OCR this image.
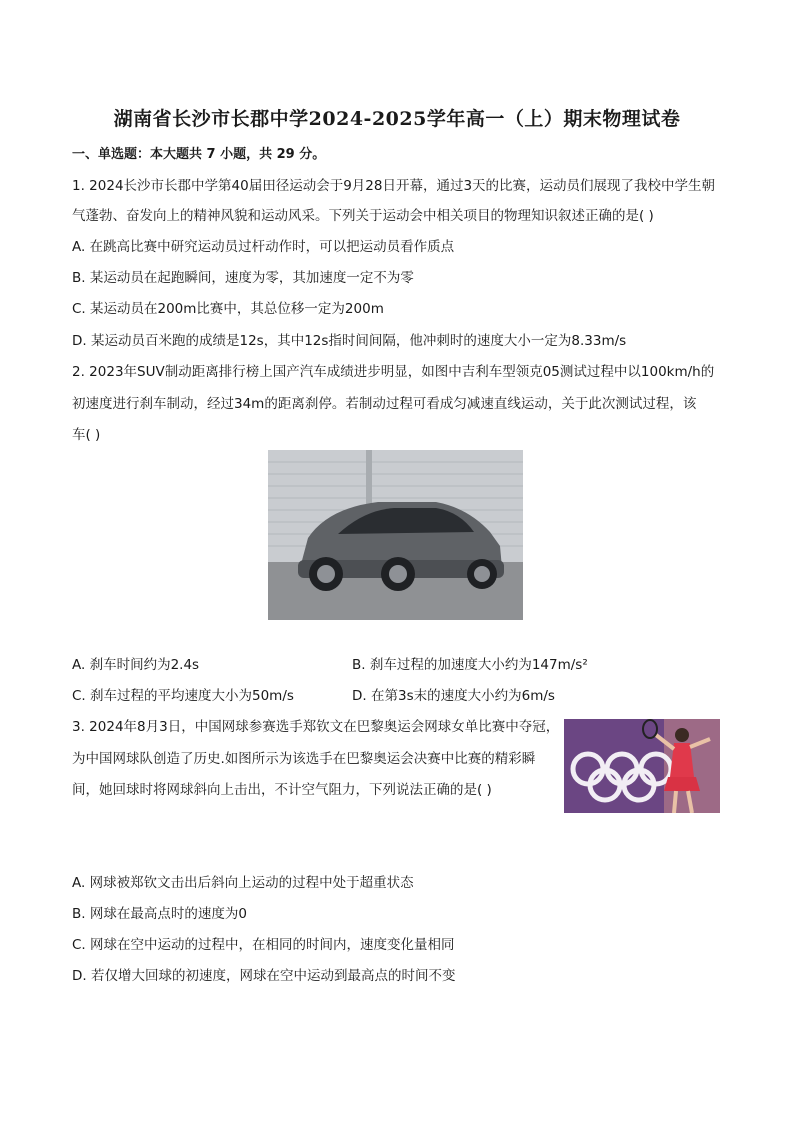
湖南省长沙市长郡中学2024-2025学年高一（上）期末物理试卷
一、单选题：本大题共 7 小题，共 29 分。
1. 2024长沙市长郡中学第40届田径运动会于9月28日开幕，通过3天的比赛，运动员们展现了我校中学生朝
气蓬勃、奋发向上的精神风貌和运动风采。下列关于运动会中相关项目的物理知识叙述正确的是( )
A. 在跳高比赛中研究运动员过杆动作时，可以把运动员看作质点
B. 某运动员在起跑瞬间，速度为零，其加速度一定不为零
C. 某运动员在200m比赛中，其总位移一定为200m
D. 某运动员百米跑的成绩是12s，其中12s指时间间隔，他冲刺时的速度大小一定为8.33m/s
2. 2023年SUV制动距离排行榜上国产汽车成绩进步明显，如图中吉利车型领克05测试过程中以100km/h的
初速度进行刹车制动，经过34m的距离刹停。若制动过程可看成匀减速直线运动，关于此次测试过程，该
车( )
A. 刹车时间约为2.4s	B. 刹车过程的加速度大小约为147m/s²
C. 刹车过程的平均速度大小为50m/s	D. 在第3s末的速度大小约为6m/s
3. 2024年8月3日，中国网球参赛选手郑钦文在巴黎奥运会网球女单比赛中夺冠，
为中国网球队创造了历史.如图所示为该选手在巴黎奥运会决赛中比赛的精彩瞬
间，她回球时将网球斜向上击出，不计空气阻力，下列说法正确的是( )
A. 网球被郑钦文击出后斜向上运动的过程中处于超重状态
B. 网球在最高点时的速度为0
C. 网球在空中运动的过程中，在相同的时间内，速度变化量相同
D. 若仅增大回球的初速度，网球在空中运动到最高点的时间不变
